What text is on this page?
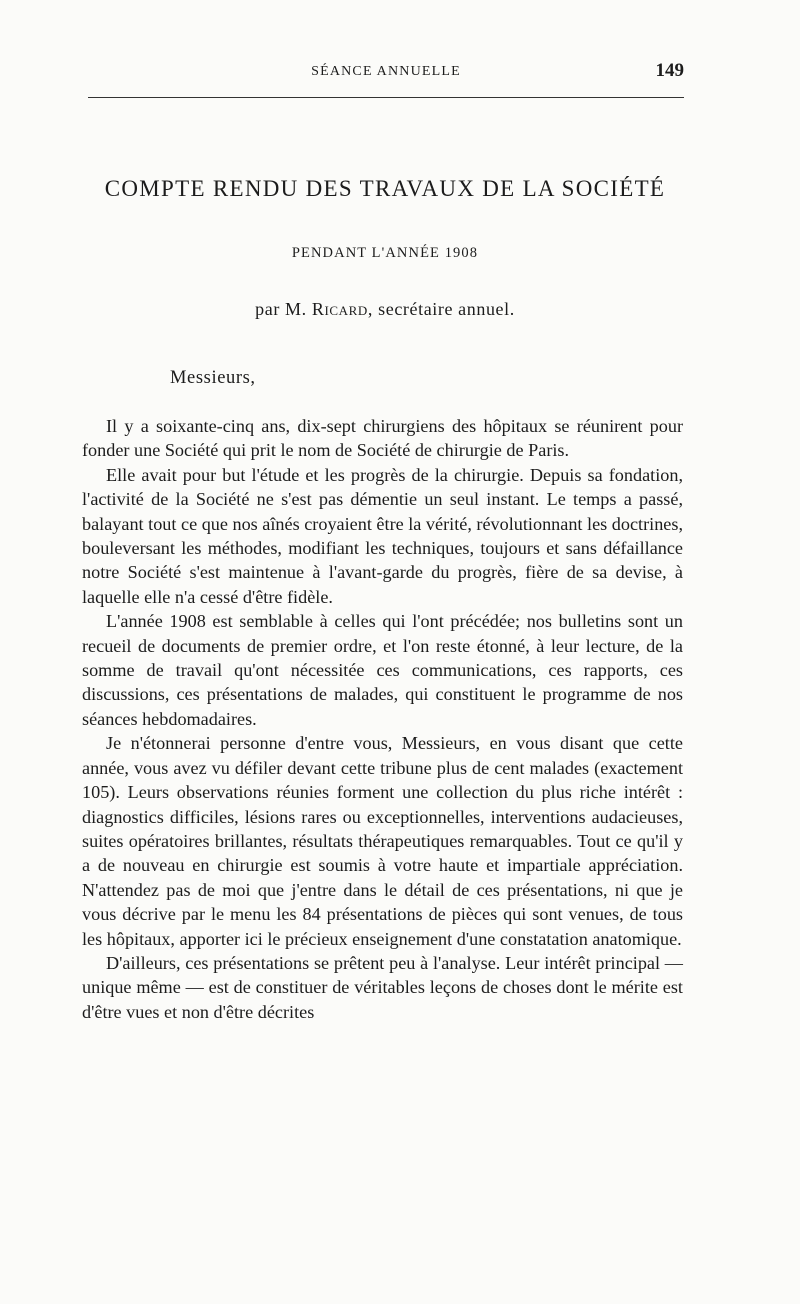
SÉANCE ANNUELLE	149
COMPTE RENDU DES TRAVAUX DE LA SOCIÉTÉ
PENDANT L'ANNÉE 1908
par M. Ricard, secrétaire annuel.
Messieurs,

Il y a soixante-cinq ans, dix-sept chirurgiens des hôpitaux se réunirent pour fonder une Société qui prit le nom de Société de chirurgie de Paris.

Elle avait pour but l'étude et les progrès de la chirurgie. Depuis sa fondation, l'activité de la Société ne s'est pas démentie un seul instant. Le temps a passé, balayant tout ce que nos aînés croyaient être la vérité, révolutionnant les doctrines, bouleversant les méthodes, modifiant les techniques, toujours et sans défaillance notre Société s'est maintenue à l'avant-garde du progrès, fière de sa devise, à laquelle elle n'a cessé d'être fidèle.

L'année 1908 est semblable à celles qui l'ont précédée; nos bulletins sont un recueil de documents de premier ordre, et l'on reste étonné, à leur lecture, de la somme de travail qu'ont nécessitée ces communications, ces rapports, ces discussions, ces présentations de malades, qui constituent le programme de nos séances hebdomadaires.

Je n'étonnerai personne d'entre vous, Messieurs, en vous disant que cette année, vous avez vu défiler devant cette tribune plus de cent malades (exactement 105). Leurs observations réunies forment une collection du plus riche intérêt : diagnostics difficiles, lésions rares ou exceptionnelles, interventions audacieuses, suites opératoires brillantes, résultats thérapeutiques remarquables. Tout ce qu'il y a de nouveau en chirurgie est soumis à votre haute et impartiale appréciation. N'attendez pas de moi que j'entre dans le détail de ces présentations, ni que je vous décrive par le menu les 84 présentations de pièces qui sont venues, de tous les hôpitaux, apporter ici le précieux enseignement d'une constatation anatomique.

D'ailleurs, ces présentations se prêtent peu à l'analyse. Leur intérêt principal — unique même — est de constituer de véritables leçons de choses dont le mérite est d'être vues et non d'être décrites
